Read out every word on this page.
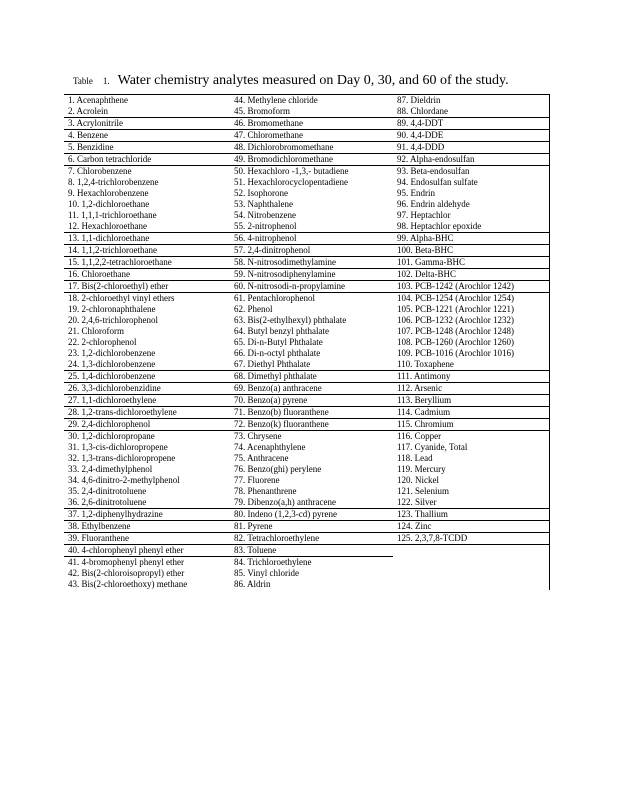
Table 1. Water chemistry analytes measured on Day 0, 30, and 60 of the study.
1. Acenaphthene	44. Methylene chloride	87. Dieldrin
2. Acrolein	45. Bromoform	88. Chlordane
3. Acrylonitrile	46. Bromomethane	89. 4,4-DDT
4. Benzene	47. Chloromethane	90. 4,4-DDE
5. Benzidine	48. Dichlorobromomethane	91. 4,4-DDD
6. Carbon tetrachloride	49. Bromodichloromethane	92. Alpha-endosulfan
7. Chlorobenzene	50. Hexachloro -1,3,- butadiene	93. Beta-endosulfan
8. 1,2,4-trichlorobenzene	51. Hexachlorocyclopentadiene	94. Endosulfan sulfate
9. Hexachlorobenzene	52. Isophorone	95. Endrin
10. 1,2-dichloroethane	53. Naphthalene	96. Endrin aldehyde
11. 1,1,1-trichloroethane	54. Nitrobenzene	97. Heptachlor
12. Hexachloroethane	55. 2-nitrophenol	98. Heptachlor epoxide
13. 1,1-dichloroethane	56. 4-nitrophenol	99. Alpha-BHC
14. 1,1,2-trichloroethane	57. 2,4-dinitrophenol	100. Beta-BHC
15. 1,1,2,2-tetrachloroethane	58. N-nitrosodimethylamine	101. Gamma-BHC
16. Chloroethane	59. N-nitrosodiphenylamine	102. Delta-BHC
17. Bis(2-chloroethyl) ether	60. N-nitrosodi-n-propylamine	103. PCB-1242 (Arochlor 1242)
18. 2-chloroethyl vinyl ethers	61. Pentachlorophenol	104. PCB-1254 (Arochlor 1254)
19. 2-chloronaphthalene	62. Phenol	105. PCB-1221 (Arochlor 1221)
20. 2,4,6-trichlorophenol	63. Bis(2-ethylhexyl) phthalate	106. PCB-1232 (Arochlor 1232)
21. Chloroform	64. Butyl benzyl phthalate	107. PCB-1248 (Arochlor 1248)
22. 2-chlorophenol	65. Di-n-Butyl Phthalate	108. PCB-1260 (Arochlor 1260)
23. 1,2-dichlorobenzene	66. Di-n-octyl phthalate	109. PCB-1016 (Arochlor 1016)
24. 1,3-dichlorobenzene	67. Diethyl Phthalate	110. Toxaphene
25. 1,4-dichlorobenzene	68. Dimethyl phthalate	111. Antimony
26. 3,3-dichlorobenzidine	69. Benzo(a) anthracene	112. Arsenic
27. 1,1-dichloroethylene	70. Benzo(a) pyrene	113. Beryllium
28. 1,2-trans-dichloroethylene	71. Benzo(b) fluoranthene	114. Cadmium
29. 2,4-dichlorophenol	72. Benzo(k) fluoranthene	115. Chromium
30. 1,2-dichloropropane	73. Chrysene	116. Copper
31. 1,3-cis-dichloropropene	74. Acenaphthylene	117. Cyanide, Total
32. 1,3-trans-dichloropropene	75. Anthracene	118. Lead
33. 2,4-dimethylphenol	76. Benzo(ghi) perylene	119. Mercury
34. 4,6-dinitro-2-methylphenol	77. Fluorene	120. Nickel
35. 2,4-dinitrotoluene	78. Phenanthrene	121. Selenium
36. 2,6-dinitrotoluene	79. Dibenzo(a,h) anthracene	122. Silver
37. 1,2-diphenylhydrazine	80. Indeno (1,2,3-cd) pyrene	123. Thallium
38. Ethylbenzene	81. Pyrene	124. Zinc
39. Fluoranthene	82. Tetrachloroethylene	125. 2,3,7,8-TCDD
40. 4-chlorophenyl phenyl ether	83. Toluene	
41. 4-bromophenyl phenyl ether	84. Trichloroethylene	
42. Bis(2-chloroisopropyl) ether	85. Vinyl chloride	
43. Bis(2-chloroethoxy) methane	86. Aldrin	
